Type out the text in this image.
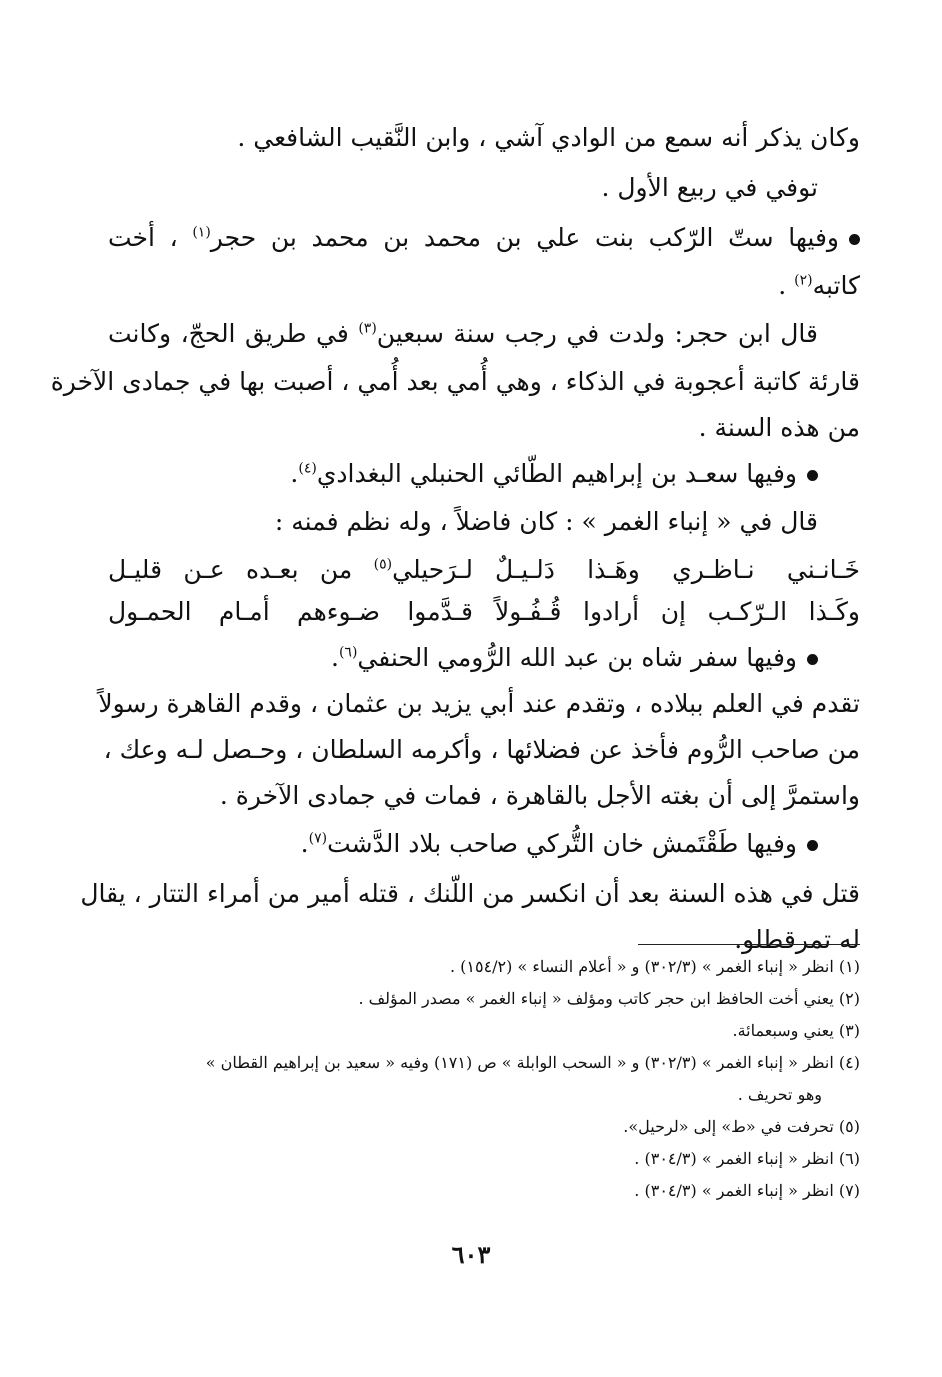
وكان يذكر أنه سمع من الوادي آشي ، وابن النَّقيب الشافعي .
توفي في ربيع الأول .
وفيها ستّ الرّكب بنت علي بن محمد بن محمد بن حجر$^{(١)}$ ، أخت
كاتبه$^{(٢)}$ .
قال ابن حجر: ولدت في رجب سنة سبعين$^{(٣)}$ في طريق الحجّ، وكانت
قارئة كاتبة أعجوبة في الذكاء ، وهي أُمي بعد أُمي ، أصبت بها في جمادى الآخرة
من هذه السنة .
وفيها سعـد بن إبراهيم الطّائي الحنبلي البغدادي$^{(٤)}$.
قال في « إنباء الغمر » : كان فاضلاً ، وله نظم فمنه :
خَـانـني نـاظـري وهَـذا دَلـيـلٌ
لـرَحيلي$^{(٥)}$ من بعـده عـن قليـل
وكَـذا الـرّكـب إن أرادوا قُـفُـولاً
قـدَّموا ضـوءهم أمـام الحمـول
وفيها سفر شاه بن عبد الله الرُّومي الحنفي$^{(٦)}$.
تقدم في العلم ببلاده ، وتقدم عند أبي يزيد بن عثمان ، وقدم القاهرة رسولاً
من صاحب الرُّوم فأخذ عن فضلائها ، وأكرمه السلطان ، وحـصل لـه وعك ،
واستمرَّ إلى أن بغته الأجل بالقاهرة ، فمات في جمادى الآخرة .
وفيها طَقْتَمش خان التُّركي صاحب بلاد الدَّشت$^{(٧)}$.
قتل في هذه السنة بعد أن انكسر من اللّنك ، قتله أمير من أمراء التتار ، يقال
له تمرقطلو.
(١) انظر « إنباء الغمر » (٣٠٢/٣) و « أعلام النساء » (١٥٤/٢) .
(٢) يعني أخت الحافظ ابن حجر كاتب ومؤلف « إنباء الغمر » مصدر المؤلف .
(٣) يعني وسبعمائة.
(٤) انظر « إنباء الغمر » (٣٠٢/٣) و « السحب الوابلة » ص (١٧١) وفيه « سعيد بن إبراهيم القطان »
وهو تحريف .
(٥) تحرفت في «ط» إلى «لرحيل».
(٦) انظر « إنباء الغمر » (٣٠٤/٣) .
(٧) انظر « إنباء الغمر » (٣٠٤/٣) .
٦٠٣
